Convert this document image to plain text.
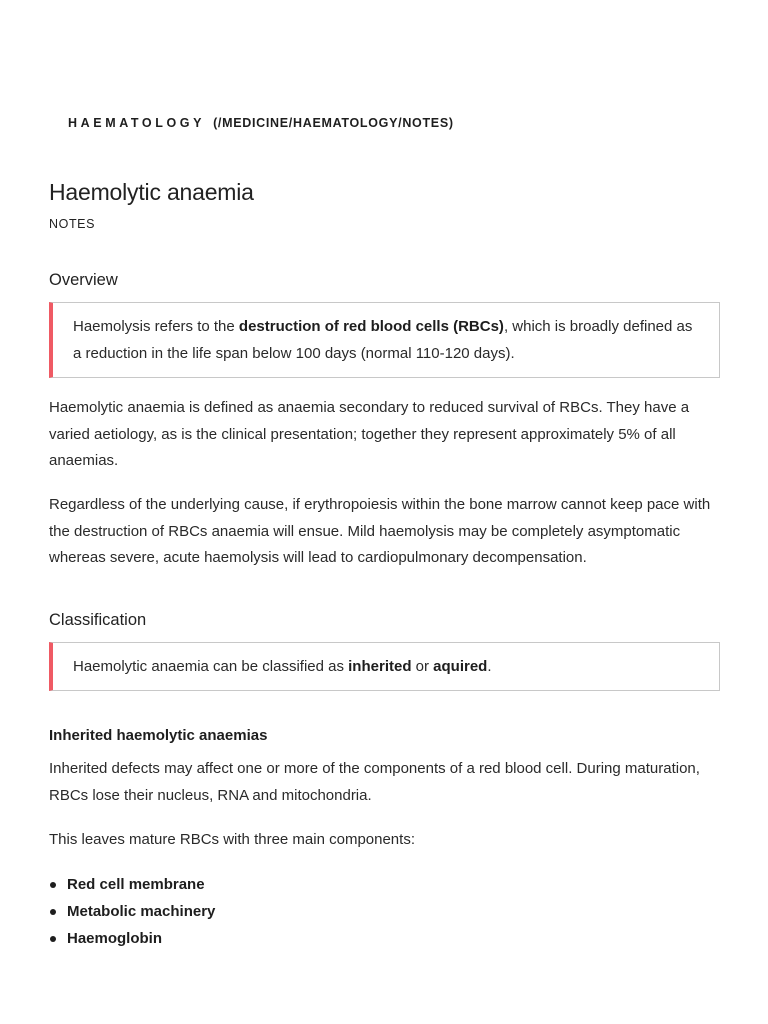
HAEMATOLOGY (/MEDICINE/HAEMATOLOGY/NOTES)
Haemolytic anaemia
NOTES
Overview
Haemolysis refers to the destruction of red blood cells (RBCs), which is broadly defined as a reduction in the life span below 100 days (normal 110-120 days).

Haemolytic anaemia is defined as anaemia secondary to reduced survival of RBCs. They have a varied aetiology, as is the clinical presentation; together they represent approximately 5% of all anaemias.

Regardless of the underlying cause, if erythropoiesis within the bone marrow cannot keep pace with the destruction of RBCs anaemia will ensue. Mild haemolysis may be completely asymptomatic whereas severe, acute haemolysis will lead to cardiopulmonary decompensation.

Classification
Haemolytic anaemia can be classified as inherited or aquired.
Inherited haemolytic anaemias

Inherited defects may affect one or more of the components of a red blood cell. During maturation, RBCs lose their nucleus, RNA and mitochondria.

This leaves mature RBCs with three main components:

Red cell membrane
Metabolic machinery
Haemoglobin
